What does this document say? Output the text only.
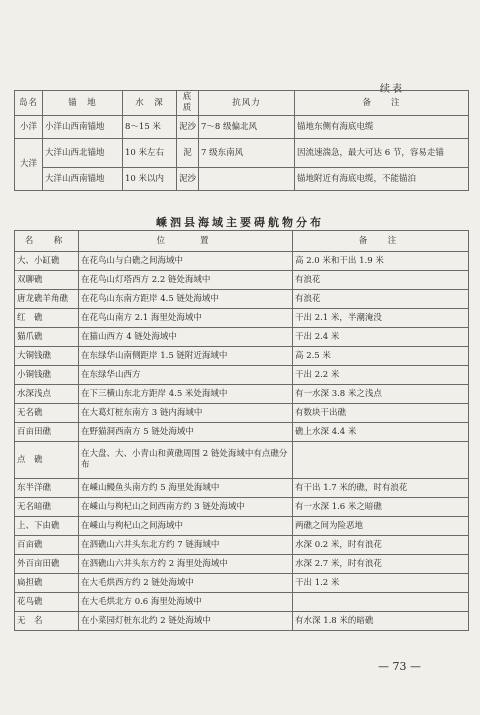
续表
岛名	锚　地	水　深	底质	抗风力	备　　注
小洋	小洋山西南锚地	8～15 米	泥沙	7～8 级偏北风	锚地东侧有海底电缆
大洋	大洋山西北锚地	10 米左右	泥	7 级东南风	因流速湍急，最大可达 6 节，容易走锚
	大洋山西南锚地	10 米以内	泥沙		锚地附近有海底电缆，不能锚泊
嵊泗县海域主要碍航物分布
名　称	位　　置	备　注
大、小缸礁	在花鸟山与白礁之间海域中	高 2.0 米和干出 1.9 米
双聊礁	在花鸟山灯塔西方 2.2 链处海域中	有浪花
唐龙礁羊角礁	在花鸟山东南方距岸 4.5 链处海域中	有浪花
红　礁	在花鸟山南方 2.1 海里处海域中	干出 2.1 米，半潮淹没
猫爪礁	在猫山西方 4 链处海域中	干出 2.4 米
大铜钱礁	在东绿华山南侧距岸 1.5 链附近海域中	高 2.5 米
小铜钱礁	在东绿华山西方	干出 2.2 米
水深浅点	在下三横山东北方距岸 4.5 米处海域中	有一水深 3.8 米之浅点
无名礁	在大葛灯桩东南方 3 链内海域中	有数块干出礁
百亩田礁	在野猫洞西南方 5 链处海域中	礁上水深 4.4 米
点　礁	在大盘、大、小青山和黄礁周围 2 链处海域中有点礁分布	
东半洋礁	在嵊山鳗鱼头南方约 5 海里处海域中	有干出 1.7 米的礁，时有浪花
无名暗礁	在嵊山与枸杞山之间西南方约 3 链处海域中	有一水深 1.6 米之暗礁
上、下由礁	在嵊山与枸杞山之间海域中	两礁之间为险恶地
百亩礁	在泗礁山六井头东北方约 7 链海域中	水深 0.2 米，时有浪花
外百亩田礁	在泗礁山六井头东方约 2 海里处海域中	水深 2.7 米，时有浪花
扁担礁	在大毛烘西方约 2 链处海域中	干出 1.2 米
花鸟礁	在大毛烘北方 0.6 海里处海域中	
无　名	在小菜园灯桩东北约 2 链处海域中	有水深 1.8 米的暗礁
— 73 —
